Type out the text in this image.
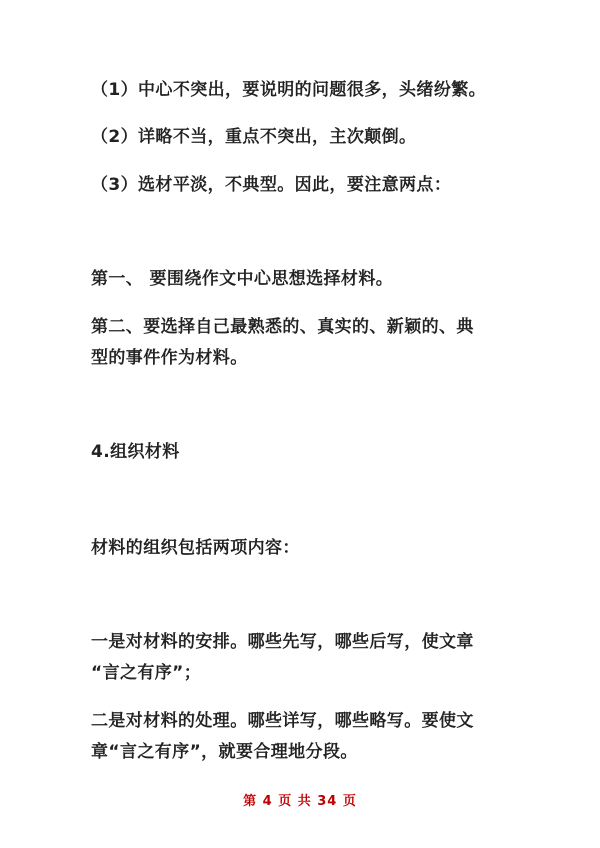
（1）中心不突出，要说明的问题很多，头绪纷繁。
（2）详略不当，重点不突出，主次颠倒。
（3）选材平淡，不典型。因此，要注意两点：
第一、 要围绕作文中心思想选择材料。
第二、要选择自己最熟悉的、真实的、新颖的、典
型的事件作为材料。
4.组织材料
材料的组织包括两项内容：
一是对材料的安排。哪些先写，哪些后写，使文章
“言之有序”；
二是对材料的处理。哪些详写，哪些略写。要使文
章“言之有序”，就要合理地分段。
第 4 页 共 34 页
